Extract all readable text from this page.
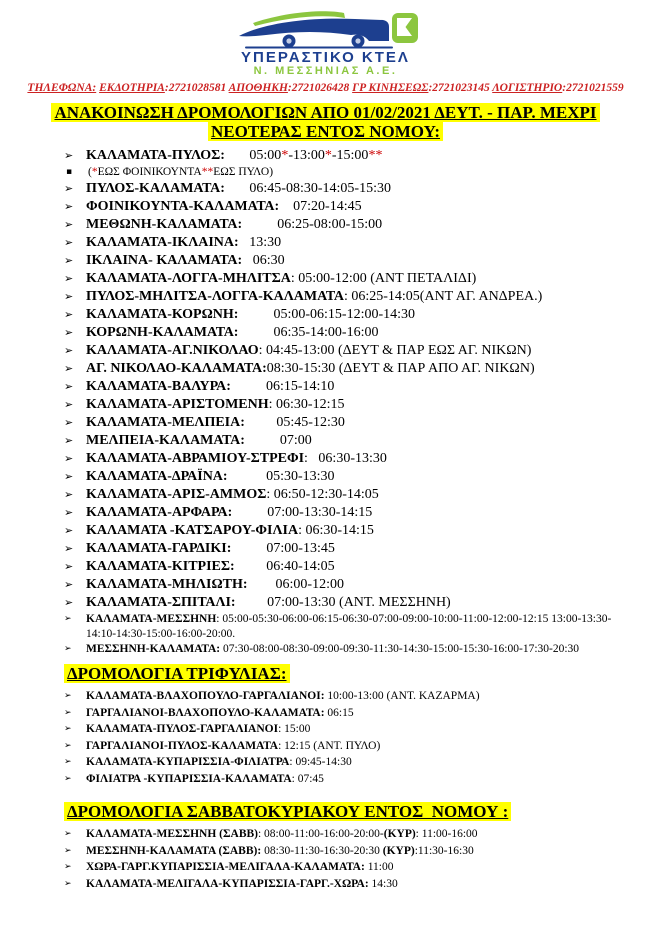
ΥΠΕΡΑΣΤΙΚΟ ΚΤΕΛ
Ν. ΜΕΣΣΗΝΙΑΣ Α.Ε.
ΤΗΛΕΦΩΝΑ: ΕΚΔΟΤΗΡΙΑ:2721028581 ΑΠΟΘΗΚΗ:2721026428 ΓΡ ΚΙΝΗΣΕΩΣ:2721023145 ΛΟΓΙΣΤΗΡΙΟ:2721021559
ΑΝΑΚΟΙΝΩΣΗ ΔΡΟΜΟΛΟΓΙΩΝ ΑΠΟ 01/02/2021 ΔΕΥΤ. - ΠΑΡ. ΜΕΧΡΙ
ΝΕΟΤΕΡΑΣ ΕΝΤΟΣ ΝΟΜΟΥ:
➢ ΚΑΛΑΜΑΤΑ-ΠΥΛΟΣ:       05:00*-13:00*-15:00**
▪	(*ΕΩΣ ΦΟΙΝΙΚΟΥΝΤΑ**ΕΩΣ ΠΥΛΟ)
➢ ΠΥΛΟΣ-ΚΑΛΑΜΑΤΑ:       06:45-08:30-14:05-15:30
➢ ΦΟΙΝΙΚΟΥΝΤΑ-ΚΑΛΑΜΑΤΑ:    07:20-14:45
➢ ΜΕΘΩΝΗ-ΚΑΛΑΜΑΤΑ:          06:25-08:00-15:00
➢ ΚΑΛΑΜΑΤΑ-ΙΚΛΑΙΝΑ:   13:30
➢ ΙΚΛΑΙΝΑ- ΚΑΛΑΜΑΤΑ:   06:30
➢ ΚΑΛΑΜΑΤΑ-ΛΟΓΓΑ-ΜΗΛΙΤΣΑ: 05:00-12:00 (ΑΝΤ ΠΕΤΑΛΙΔΙ)
➢ ΠΥΛΟΣ-ΜΗΛΙΤΣΑ-ΛΟΓΓΑ-ΚΑΛΑΜΑΤΑ: 06:25-14:05(ΑΝΤ ΑΓ. ΑΝΔΡΕΑ.)
➢ ΚΑΛΑΜΑΤΑ-ΚΟΡΩΝΗ:          05:00-06:15-12:00-14:30
➢ ΚΟΡΩΝΗ-ΚΑΛΑΜΑΤΑ:          06:35-14:00-16:00
➢ ΚΑΛΑΜΑΤΑ-ΑΓ.ΝΙΚΟΛΑΟ: 04:45-13:00 (ΔΕΥΤ & ΠΑΡ ΕΩΣ ΑΓ. ΝΙΚΩΝ)
➢ ΑΓ. ΝΙΚΟΛΑΟ-ΚΑΛΑΜΑΤΑ:08:30-15:30 (ΔΕΥΤ & ΠΑΡ ΑΠΟ ΑΓ. ΝΙΚΩΝ)
➢ ΚΑΛΑΜΑΤΑ-ΒΑΛΥΡΑ:          06:15-14:10
➢ ΚΑΛΑΜΑΤΑ-ΑΡΙΣΤΟΜΕΝΗ: 06:30-12:15
➢ ΚΑΛΑΜΑΤΑ-ΜΕΛΠΕΙΑ:         05:45-12:30
➢ ΜΕΛΠΕΙΑ-ΚΑΛΑΜΑΤΑ:          07:00
➢ ΚΑΛΑΜΑΤΑ-ΑΒΡΑΜΙΟΥ-ΣΤΡΕΦΙ:   06:30-13:30
➢ ΚΑΛΑΜΑΤΑ-ΔΡΑΪΝΑ:           05:30-13:30
➢ ΚΑΛΑΜΑΤΑ-ΑΡΙΣ-ΑΜΜΟΣ: 06:50-12:30-14:05
➢ ΚΑΛΑΜΑΤΑ-ΑΡΦΑΡΑ:          07:00-13:30-14:15
➢ ΚΑΛΑΜΑΤΑ -ΚΑΤΣΑΡΟΥ-ΦΙΛΙΑ: 06:30-14:15
➢ ΚΑΛΑΜΑΤΑ-ΓΑΡΔΙΚΙ:          07:00-13:45
➢ ΚΑΛΑΜΑΤΑ-ΚΙΤΡΙΕΣ:         06:40-14:05
➢ ΚΑΛΑΜΑΤΑ-ΜΗΛΙΩΤΗ:        06:00-12:00
➢ ΚΑΛΑΜΑΤΑ-ΣΠΙΤΑΛΙ:         07:00-13:30 (ΑΝΤ. ΜΕΣΣΗΝΗ)
➢	ΚΑΛΑΜΑΤΑ-ΜΕΣΣΗΝΗ: 05:00-05:30-06:00-06:15-06:30-07:00-09:00-10:00-11:00-12:00-12:15 13:00-13:30-14:10-14:30-15:00-16:00-20:00.
➢	ΜΕΣΣΗΝΗ-ΚΑΛΑΜΑΤΑ: 07:30-08:00-08:30-09:00-09:30-11:30-14:30-15:00-15:30-16:00-17:30-20:30
ΔΡΟΜΟΛΟΓΙΑ ΤΡΙΦΥΛΙΑΣ:
➢	ΚΑΛΑΜΑΤΑ-ΒΛΑΧΟΠΟΥΛΟ-ΓΑΡΓΑΛΙΑΝΟΙ: 10:00-13:00 (ΑΝΤ. ΚΑΖΑΡΜΑ)
➢	ΓΑΡΓΑΛΙΑΝΟΙ-ΒΛΑΧΟΠΟΥΛΟ-ΚΑΛΑΜΑΤΑ: 06:15
➢	ΚΑΛΑΜΑΤΑ-ΠΥΛΟΣ-ΓΑΡΓΑΛΙΑΝΟΙ: 15:00
➢	ΓΑΡΓΑΛΙΑΝΟΙ-ΠΥΛΟΣ-ΚΑΛΑΜΑΤΑ: 12:15 (ΑΝΤ. ΠΥΛΟ)
➢	ΚΑΛΑΜΑΤΑ-ΚΥΠΑΡΙΣΣΙΑ-ΦΙΛΙΑΤΡΑ: 09:45-14:30
➢	ΦΙΛΙΑΤΡΑ -ΚΥΠΑΡΙΣΣΙΑ-ΚΑΛΑΜΑΤΑ: 07:45
ΔΡΟΜΟΛΟΓΙΑ ΣΑΒΒΑΤΟΚΥΡΙΑΚΟΥ ΕΝΤΟΣ  ΝΟΜΟΥ :
➢	ΚΑΛΑΜΑΤΑ-ΜΕΣΣΗΝΗ (ΣΑΒΒ): 08:00-11:00-16:00-20:00-(ΚΥΡ): 11:00-16:00
➢	ΜΕΣΣΗΝΗ-ΚΑΛΑΜΑΤΑ (ΣΑΒΒ): 08:30-11:30-16:30-20:30 (ΚΥΡ):11:30-16:30
➢	ΧΩΡΑ-ΓΑΡΓ.ΚΥΠΑΡΙΣΣΙΑ-ΜΕΛΙΓΑΛΑ-ΚΑΛΑΜΑΤΑ: 11:00
➢	ΚΑΛΑΜΑΤΑ-ΜΕΛΙΓΑΛΑ-ΚΥΠΑΡΙΣΣΙΑ-ΓΑΡΓ.-ΧΩΡΑ: 14:30
